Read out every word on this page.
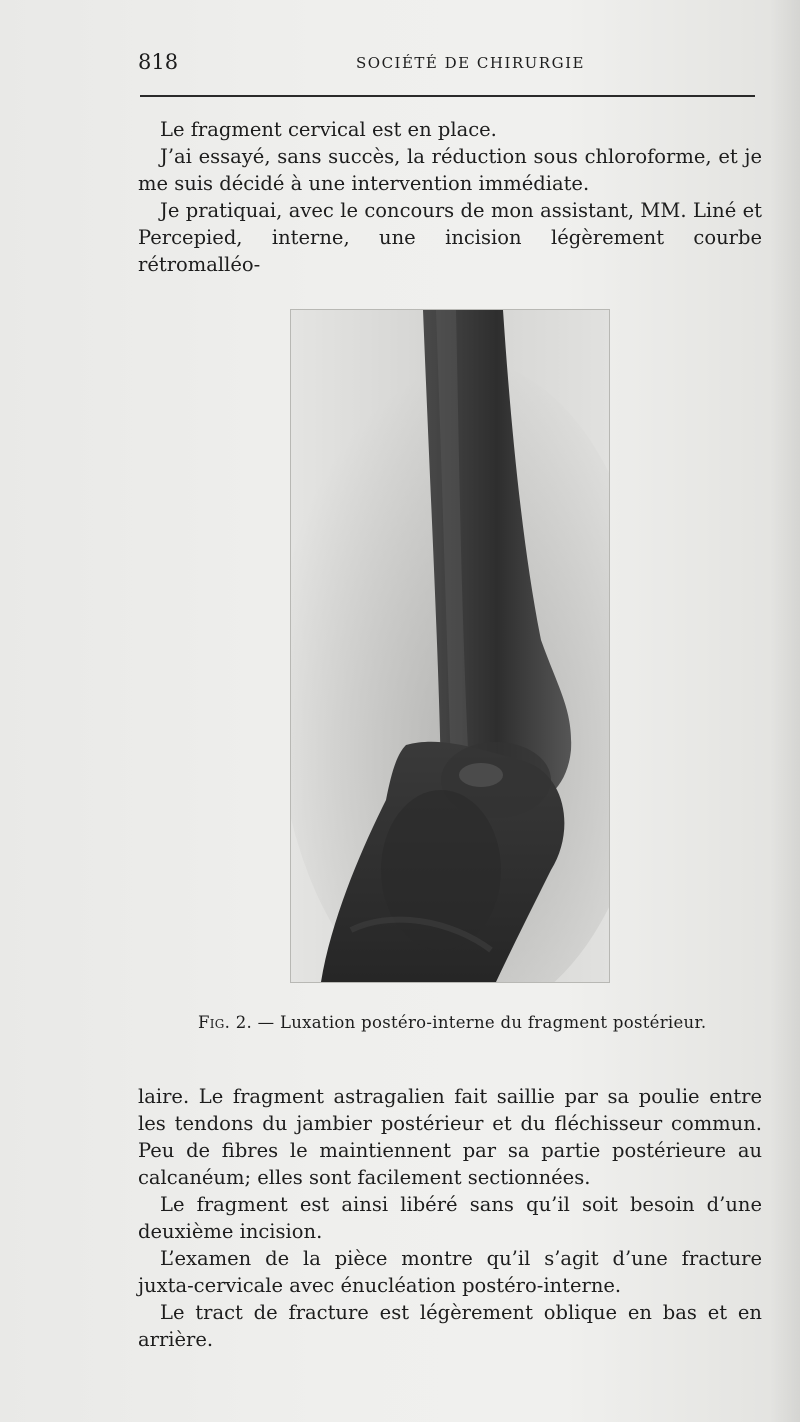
818	SOCIÉTÉ DE CHIRURGIE

Le fragment cervical est en place.

J’ai essayé, sans succès, la réduction sous chloroforme, et je me suis décidé à une intervention immédiate.

Je pratiquai, avec le concours de mon assistant, MM. Liné et Percepied, interne, une incision légèrement courbe rétromalléo-

Fig. 2. — Luxation postéro-interne du fragment postérieur.

laire. Le fragment astragalien fait saillie par sa poulie entre les tendons du jambier postérieur et du fléchisseur commun. Peu de fibres le maintiennent par sa partie postérieure au calcanéum; elles sont facilement sectionnées.

Le fragment est ainsi libéré sans qu’il soit besoin d’une deuxième incision.

L’examen de la pièce montre qu’il s’agit d’une fracture juxta-cervicale avec énucléation postéro-interne.

Le tract de fracture est légèrement oblique en bas et en arrière.
